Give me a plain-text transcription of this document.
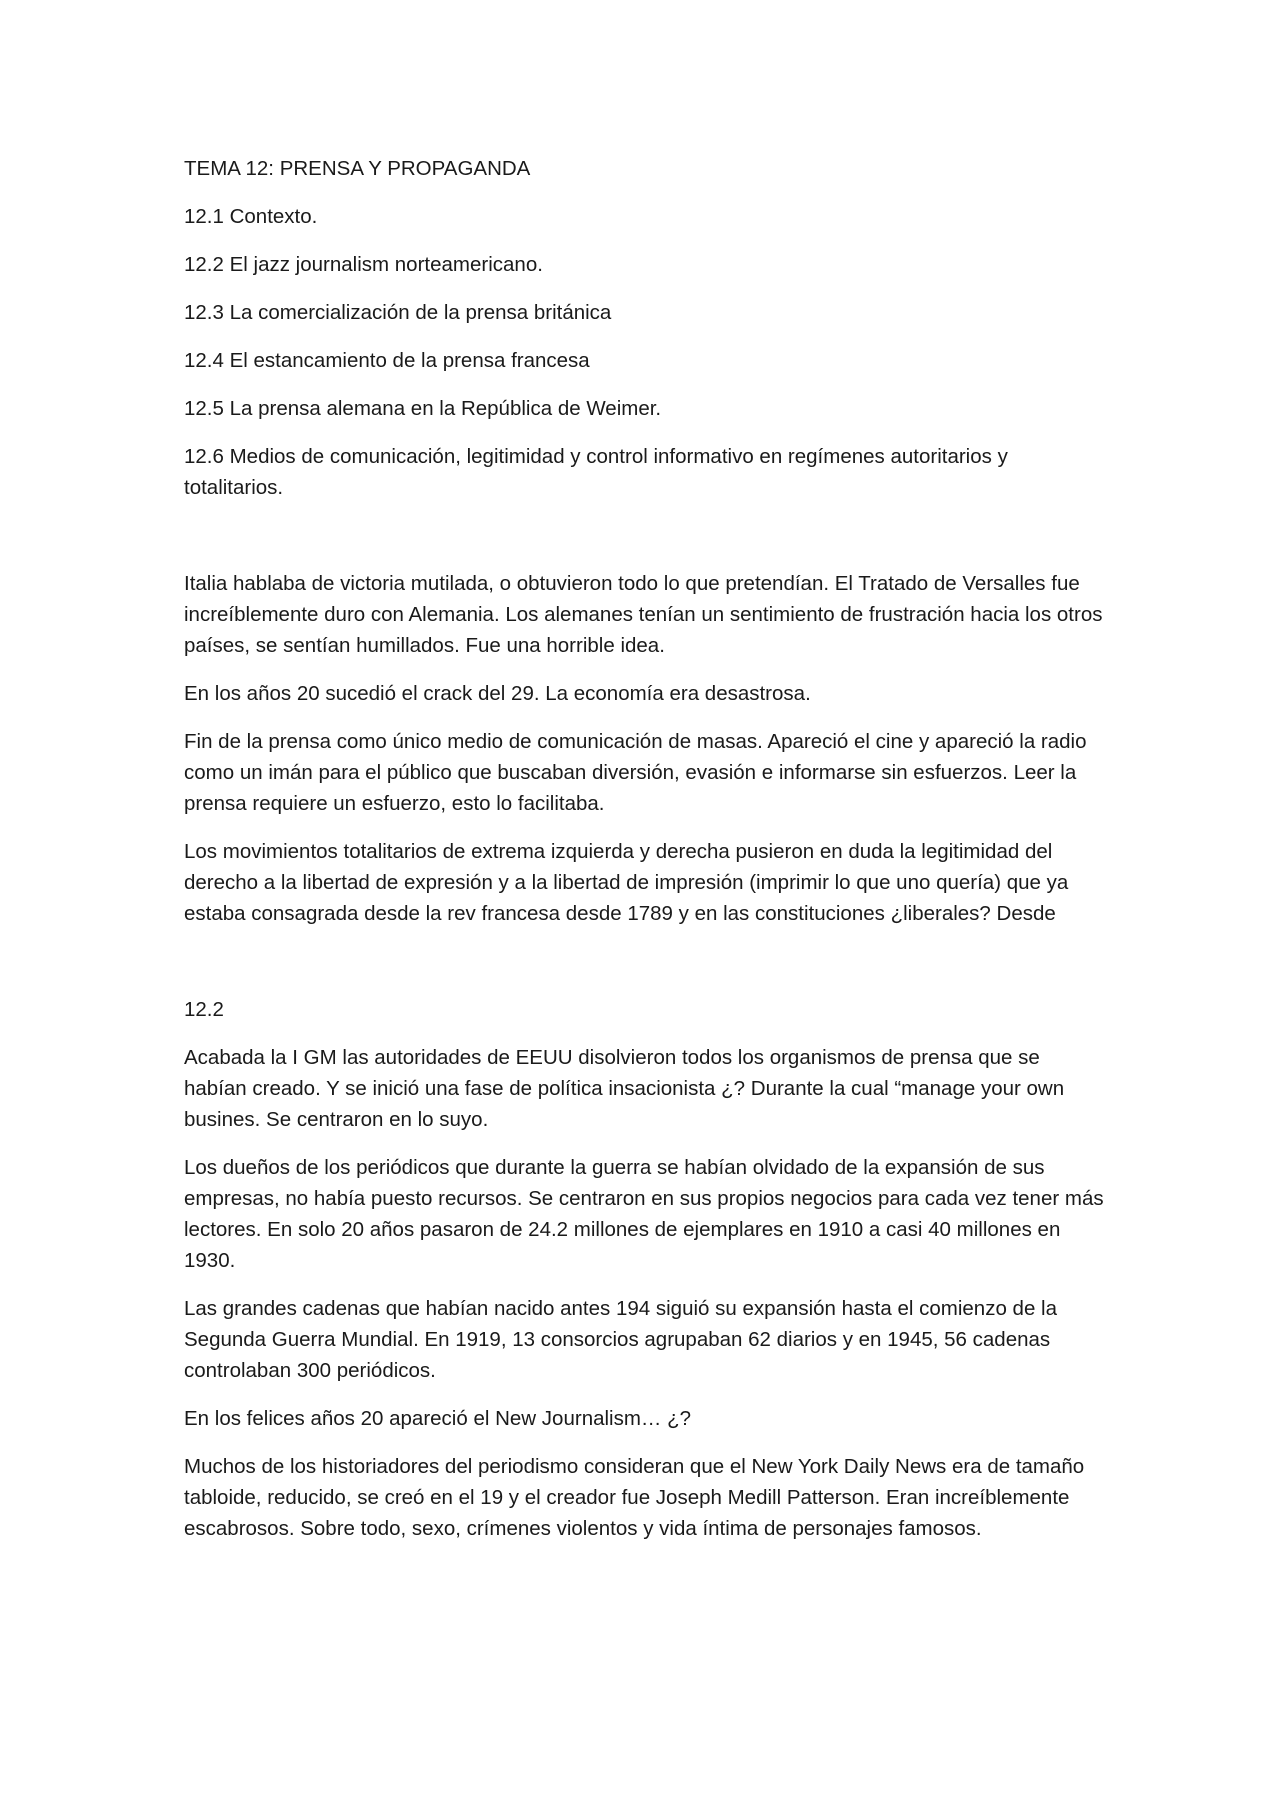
TEMA 12: PRENSA Y PROPAGANDA

12.1 Contexto.

12.2 El jazz journalism norteamericano.

12.3 La comercialización de la prensa británica

12.4 El estancamiento de la prensa francesa

12.5 La prensa alemana en la República de Weimer.

12.6 Medios de comunicación, legitimidad y control informativo en regímenes autoritarios y totalitarios.

Italia hablaba de victoria mutilada, o obtuvieron todo lo que pretendían. El Tratado de Versalles fue increíblemente duro con Alemania. Los alemanes tenían un sentimiento de frustración hacia los otros países, se sentían humillados. Fue una horrible idea.

En los años 20 sucedió el crack del 29. La economía era desastrosa.

Fin de la prensa como único medio de comunicación de masas. Apareció el cine y apareció la radio como un imán para el público que buscaban diversión, evasión e informarse sin esfuerzos. Leer la prensa requiere un esfuerzo, esto lo facilitaba.

Los movimientos totalitarios de extrema izquierda y derecha pusieron en duda la legitimidad del derecho a la libertad de expresión y a la libertad de impresión (imprimir lo que uno quería) que ya estaba consagrada desde la rev francesa desde 1789 y en las constituciones ¿liberales? Desde

12.2

Acabada la I GM las autoridades de EEUU disolvieron todos los organismos de prensa que se habían creado. Y se inició una fase de política insacionista ¿? Durante la cual “manage your own busines. Se centraron en lo suyo.

Los dueños de los periódicos que durante la guerra se habían olvidado de la expansión de sus empresas, no había puesto recursos. Se centraron en sus propios negocios para cada vez tener más lectores. En solo 20 años pasaron de 24.2 millones de ejemplares en 1910 a casi 40 millones en 1930.

Las grandes cadenas que habían nacido antes 194 siguió su expansión hasta el comienzo de la Segunda Guerra Mundial. En 1919, 13 consorcios agrupaban 62 diarios y en 1945, 56 cadenas controlaban 300 periódicos.

En los felices años 20 apareció el New Journalism… ¿?

Muchos de los historiadores del periodismo consideran que el New York Daily News era de tamaño tabloide, reducido, se creó en el 19 y el creador fue Joseph Medill Patterson. Eran increíblemente escabrosos. Sobre todo, sexo, crímenes violentos y vida íntima de personajes famosos.
